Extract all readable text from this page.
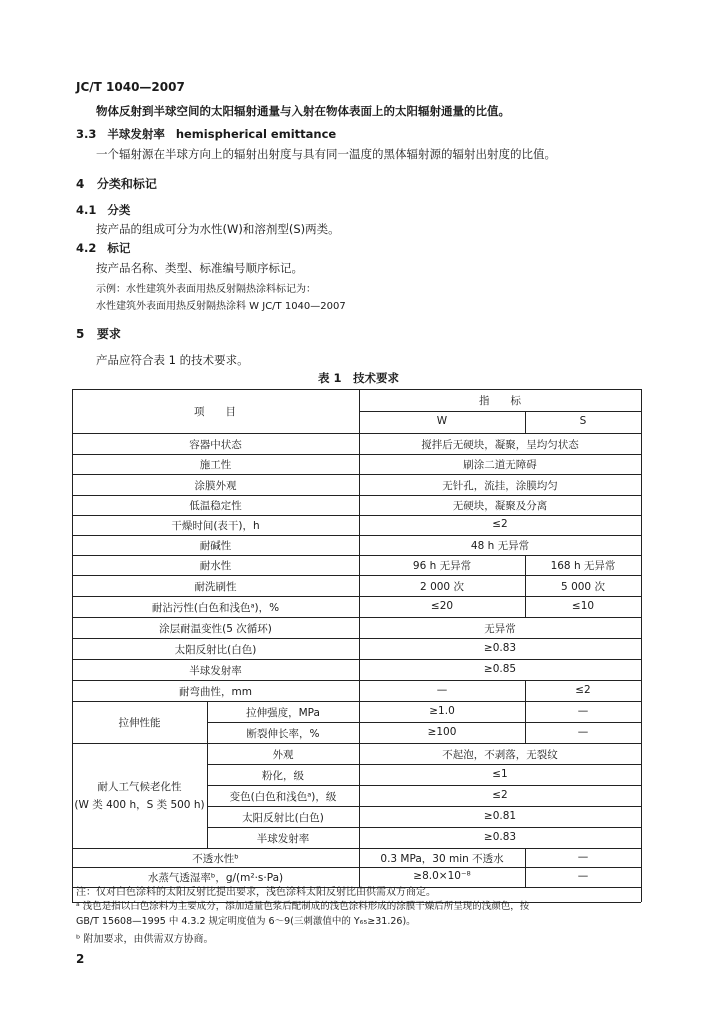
JC/T 1040—2007
物体反射到半球空间的太阳辐射通量与入射在物体表面上的太阳辐射通量的比值。
3.3 半球发射率 hemispherical emittance
一个辐射源在半球方向上的辐射出射度与具有同一温度的黑体辐射源的辐射出射度的比值。
4 分类和标记
4.1 分类
按产品的组成可分为水性(W)和溶剂型(S)两类。
4.2 标记
按产品名称、类型、标准编号顺序标记。
示例：水性建筑外表面用热反射隔热涂料标记为：
水性建筑外表面用热反射隔热涂料 W JC/T 1040—2007
5 要求
产品应符合表 1 的技术要求。
表 1　技术要求
项　　目
指　　标
W	S
容器中状态	搅拌后无硬块，凝聚，呈均匀状态
施工性	刷涂二道无障碍
涂膜外观	无针孔，流挂，涂膜均匀
低温稳定性	无硬块，凝聚及分离
干燥时间(表干)，h	≤2
耐碱性	48 h 无异常
耐水性	96 h 无异常	168 h 无异常
耐洗刷性	2 000 次	5 000 次
耐沾污性(白色和浅色ᵃ)，%	≤20	≤10
涂层耐温变性(5 次循环)	无异常
太阳反射比(白色)	≥0.83
半球发射率	≥0.85
耐弯曲性，mm	—	≤2
拉伸性能
拉伸强度，MPa	≥1.0	—
断裂伸长率，%	≥100	—
耐人工气候老化性
(W 类 400 h，S 类 500 h)
外观	不起泡，不剥落，无裂纹
粉化，级	≤1
变色(白色和浅色ᵃ)，级	≤2
太阳反射比(白色)	≥0.81
半球发射率	≥0.83
不透水性ᵇ	0.3 MPa，30 min 不透水	—
水蒸气透湿率ᵇ，g/(m²·s·Pa)	≥8.0×10⁻⁸	—
2
注：仅对白色涂料的太阳反射比提出要求，浅色涂料太阳反射比由供需双方商定。
ᵃ 浅色是指以白色涂料为主要成分，添加适量色浆后配制成的浅色涂料形成的涂膜干燥后所呈现的浅颜色，按
GB/T 15608—1995 中 4.3.2 规定明度值为 6～9(三刺激值中的 Y₆₅≥31.26)。
ᵇ 附加要求，由供需双方协商。
